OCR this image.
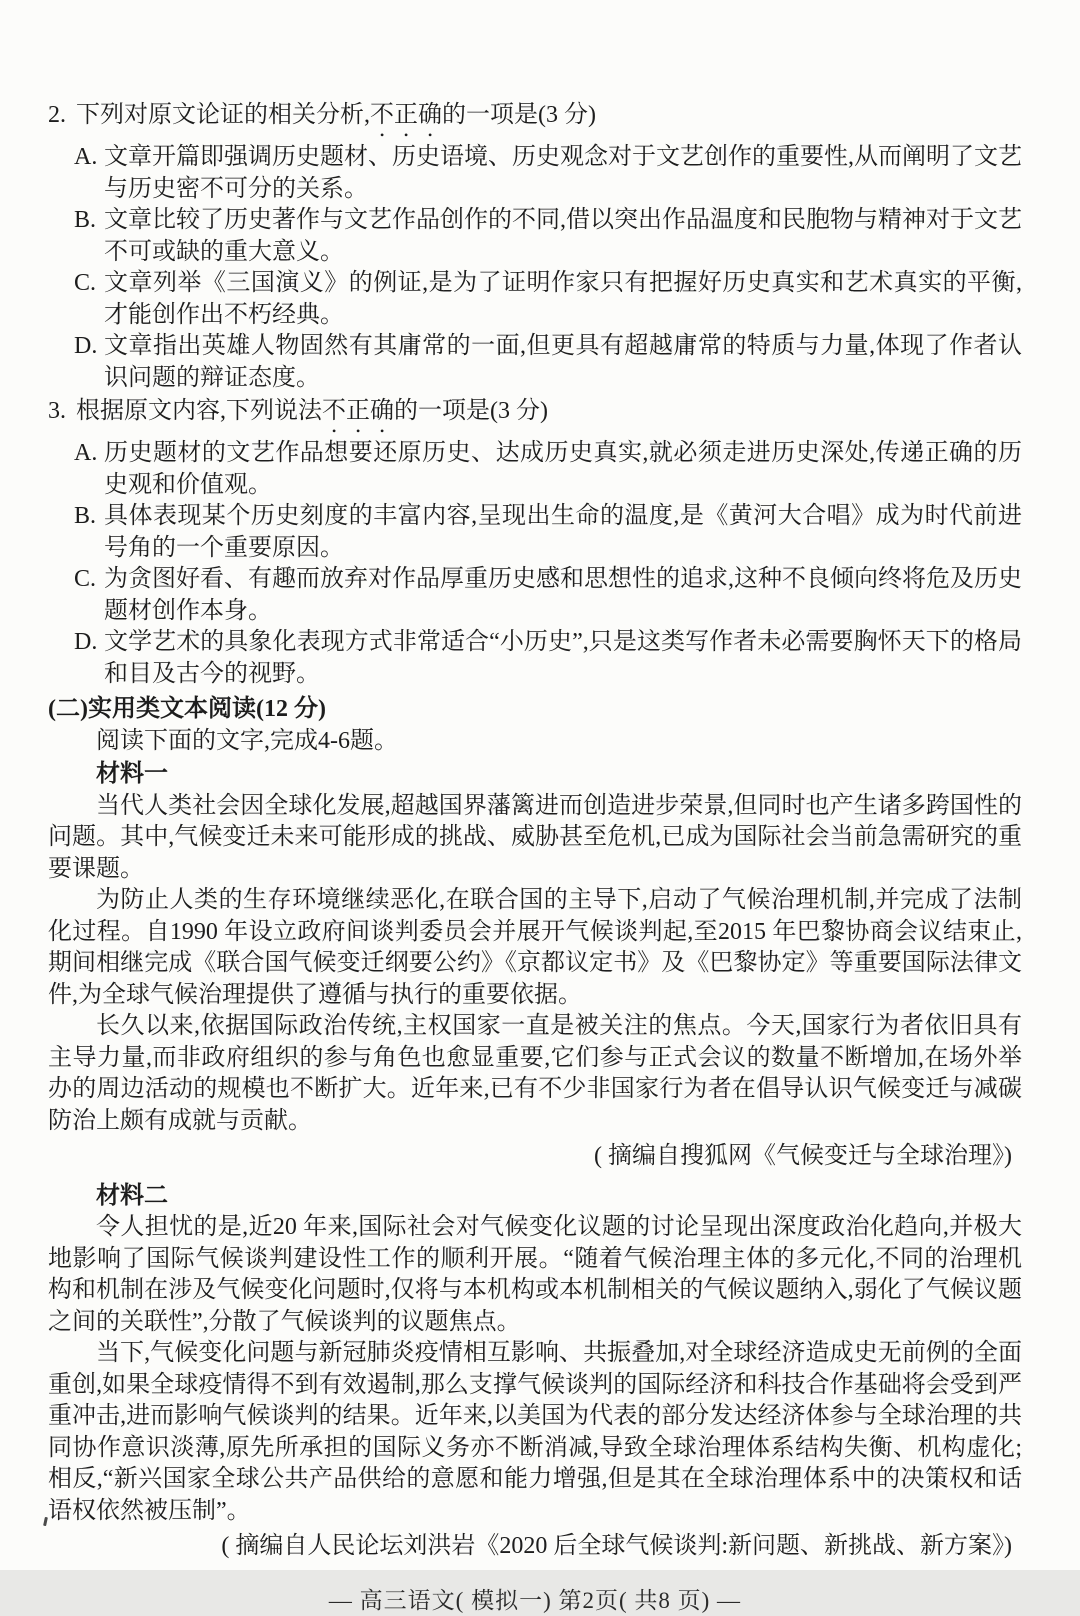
2. 下列对原文论证的相关分析,不正确的一项是(3 分)
A. 文章开篇即强调历史题材、历史语境、历史观念对于文艺创作的重要性,从而阐明了文艺与历史密不可分的关系。
B. 文章比较了历史著作与文艺作品创作的不同,借以突出作品温度和民胞物与精神对于文艺不可或缺的重大意义。
C. 文章列举《三国演义》的例证,是为了证明作家只有把握好历史真实和艺术真实的平衡,才能创作出不朽经典。
D. 文章指出英雄人物固然有其庸常的一面,但更具有超越庸常的特质与力量,体现了作者认识问题的辩证态度。
3. 根据原文内容,下列说法不正确的一项是(3 分)
A. 历史题材的文艺作品想要还原历史、达成历史真实,就必须走进历史深处,传递正确的历史观和价值观。
B. 具体表现某个历史刻度的丰富内容,呈现出生命的温度,是《黄河大合唱》成为时代前进号角的一个重要原因。
C. 为贪图好看、有趣而放弃对作品厚重历史感和思想性的追求,这种不良倾向终将危及历史题材创作本身。
D. 文学艺术的具象化表现方式非常适合“小历史”,只是这类写作者未必需要胸怀天下的格局和目及古今的视野。
(二)实用类文本阅读(12 分)
阅读下面的文字,完成4-6题。
材料一
当代人类社会因全球化发展,超越国界藩篱进而创造进步荣景,但同时也产生诸多跨国性的问题。其中,气候变迁未来可能形成的挑战、威胁甚至危机,已成为国际社会当前急需研究的重要课题。
为防止人类的生存环境继续恶化,在联合国的主导下,启动了气候治理机制,并完成了法制化过程。自1990 年设立政府间谈判委员会并展开气候谈判起,至2015 年巴黎协商会议结束止,期间相继完成《联合国气候变迁纲要公约》《京都议定书》及《巴黎协定》等重要国际法律文件,为全球气候治理提供了遵循与执行的重要依据。
长久以来,依据国际政治传统,主权国家一直是被关注的焦点。今天,国家行为者依旧具有主导力量,而非政府组织的参与角色也愈显重要,它们参与正式会议的数量不断增加,在场外举办的周边活动的规模也不断扩大。近年来,已有不少非国家行为者在倡导认识气候变迁与减碳防治上颇有成就与贡献。
( 摘编自搜狐网《气候变迁与全球治理》)
材料二
令人担忧的是,近20 年来,国际社会对气候变化议题的讨论呈现出深度政治化趋向,并极大地影响了国际气候谈判建设性工作的顺利开展。“随着气候治理主体的多元化,不同的治理机构和机制在涉及气候变化问题时,仅将与本机构或本机制相关的气候议题纳入,弱化了气候议题之间的关联性”,分散了气候谈判的议题焦点。
当下,气候变化问题与新冠肺炎疫情相互影响、共振叠加,对全球经济造成史无前例的全面重创,如果全球疫情得不到有效遏制,那么支撑气候谈判的国际经济和科技合作基础将会受到严重冲击,进而影响气候谈判的结果。近年来,以美国为代表的部分发达经济体参与全球治理的共同协作意识淡薄,原先所承担的国际义务亦不断消减,导致全球治理体系结构失衡、机构虚化;相反,“新兴国家全球公共产品供给的意愿和能力增强,但是其在全球治理体系中的决策权和话语权依然被压制”。
( 摘编自人民论坛刘洪岩《2020 后全球气候谈判:新问题、新挑战、新方案》)
— 高三语文( 模拟一) 第2页( 共8 页) —
